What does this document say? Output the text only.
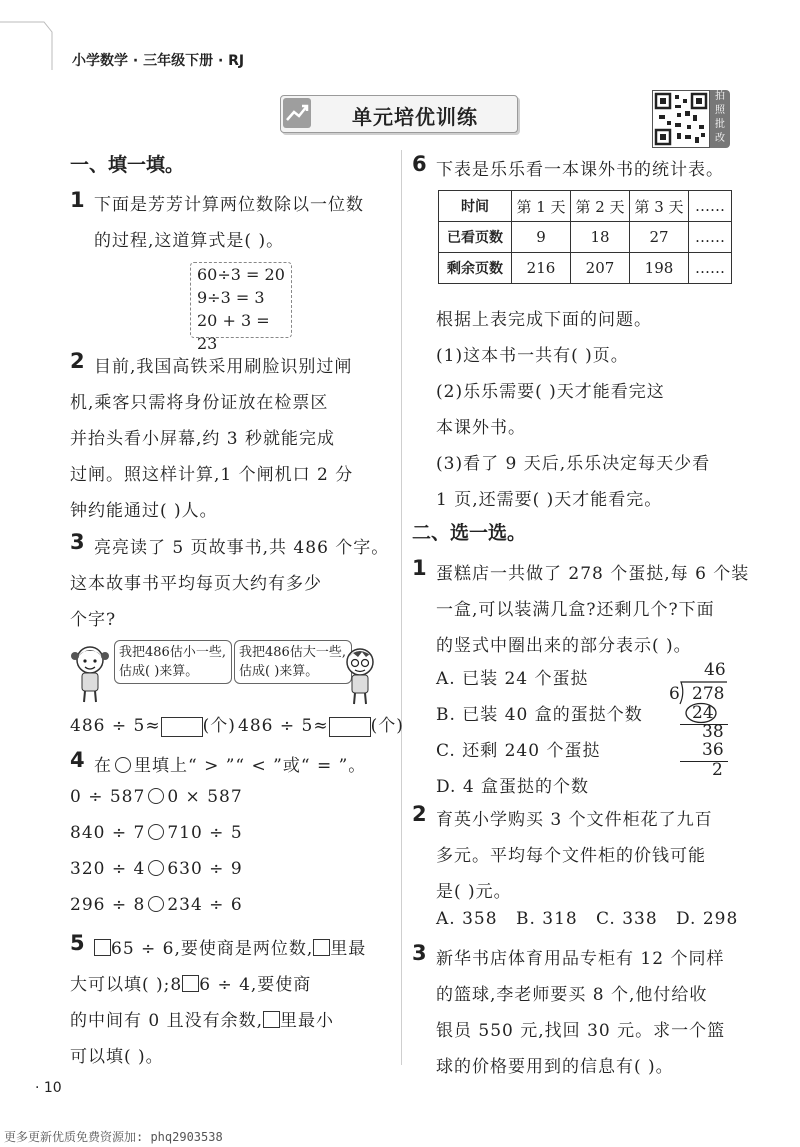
小学数学 · 三年级下册 · RJ
单元培优训练
拍
照
批
改
一、填一填。
1 下面是芳芳计算两位数除以一位数
的过程,这道算式是( )。
60÷3 = 20
9÷3 = 3
20 + 3 = 23
2 目前,我国高铁采用刷脸识别过闸
机,乘客只需将身份证放在检票区
并抬头看小屏幕,约 3 秒就能完成
过闸。照这样计算,1 个闸机口 2 分
钟约能通过( )人。
3 亮亮读了 5 页故事书,共 486 个字。
这本故事书平均每页大约有多少
个字?
我把486估小一些,估成( )来算。
我把486估大一些,估成( )来算。
486 ÷ 5≈ (个) 486 ÷ 5≈ (个)
4 在 里填上“ > ”“ < ”或“ = ”。
0 ÷ 587 0 × 587
840 ÷ 7 710 ÷ 5
320 ÷ 4 630 ÷ 9
296 ÷ 8 234 ÷ 6
5	65 ÷ 6,要使商是两位数, 里最
大可以填( );8 6 ÷ 4,要使商
的中间有 0 且没有余数, 里最小
可以填( )。
6 下表是乐乐看一本课外书的统计表。
时间	第 1 天	第 2 天	第 3 天	……
已看页数	9	18	27	……
剩余页数	216	207	198	……
根据上表完成下面的问题。
(1)这本书一共有( )页。
(2)乐乐需要( )天才能看完这
本课外书。
(3)看了 9 天后,乐乐决定每天少看
1 页,还需要( )天才能看完。
二、选一选。
1 蛋糕店一共做了 278 个蛋挞,每 6 个装
一盒,可以装满几盒?还剩几个?下面
的竖式中圈出来的部分表示( )。
A. 已装 24 个蛋挞
B. 已装 40 盒的蛋挞个数
C. 还剩 240 个蛋挞
D. 4 盒蛋挞的个数
46
6 278
24
38
36
2
2 育英小学购买 3 个文件柜花了九百
多元。平均每个文件柜的价钱可能
是( )元。
A. 358 B. 318 C. 338 D. 298
3 新华书店体育用品专柜有 12 个同样
的篮球,李老师要买 8 个,他付给收
银员 550 元,找回 30 元。求一个篮
球的价格要用到的信息有( )。
· 10
更多更新优质免费资源加: phq2903538
